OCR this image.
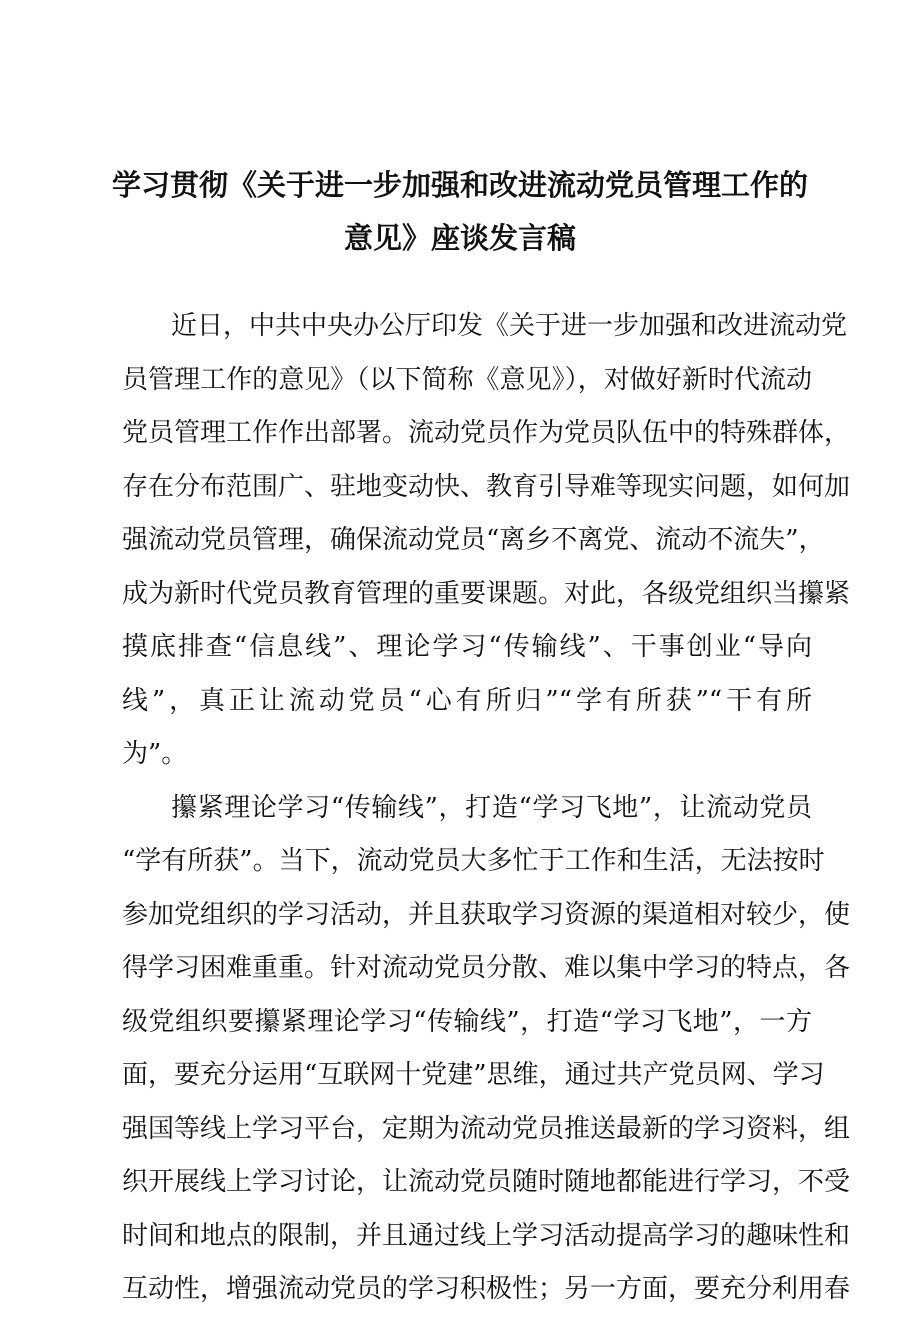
学习贯彻《关于进一步加强和改进流动党员管理工作的
意见》座谈发言稿
近日，中共中央办公厅印发《关于进一步加强和改进流动党
员管理工作的意见》（以下简称《意见》），对做好新时代流动
党员管理工作作出部署。流动党员作为党员队伍中的特殊群体，
存在分布范围广、驻地变动快、教育引导难等现实问题，如何加
强流动党员管理，确保流动党员“离乡不离党、流动不流失”，
成为新时代党员教育管理的重要课题。对此，各级党组织当攥紧
摸底排查“信息线”、理论学习“传输线”、干事创业“导向
线”，真正让流动党员“心有所归”“学有所获”“干有所
为”。
攥紧理论学习“传输线”，打造“学习飞地”，让流动党员
“学有所获”。当下，流动党员大多忙于工作和生活，无法按时
参加党组织的学习活动，并且获取学习资源的渠道相对较少，使
得学习困难重重。针对流动党员分散、难以集中学习的特点，各
级党组织要攥紧理论学习“传输线”，打造“学习飞地”，一方
面，要充分运用“互联网十党建”思维，通过共产党员网、学习
强国等线上学习平台，定期为流动党员推送最新的学习资料，组
织开展线上学习讨论，让流动党员随时随地都能进行学习，不受
时间和地点的限制，并且通过线上学习活动提高学习的趣味性和
互动性，增强流动党员的学习积极性；另一方面，要充分利用春
